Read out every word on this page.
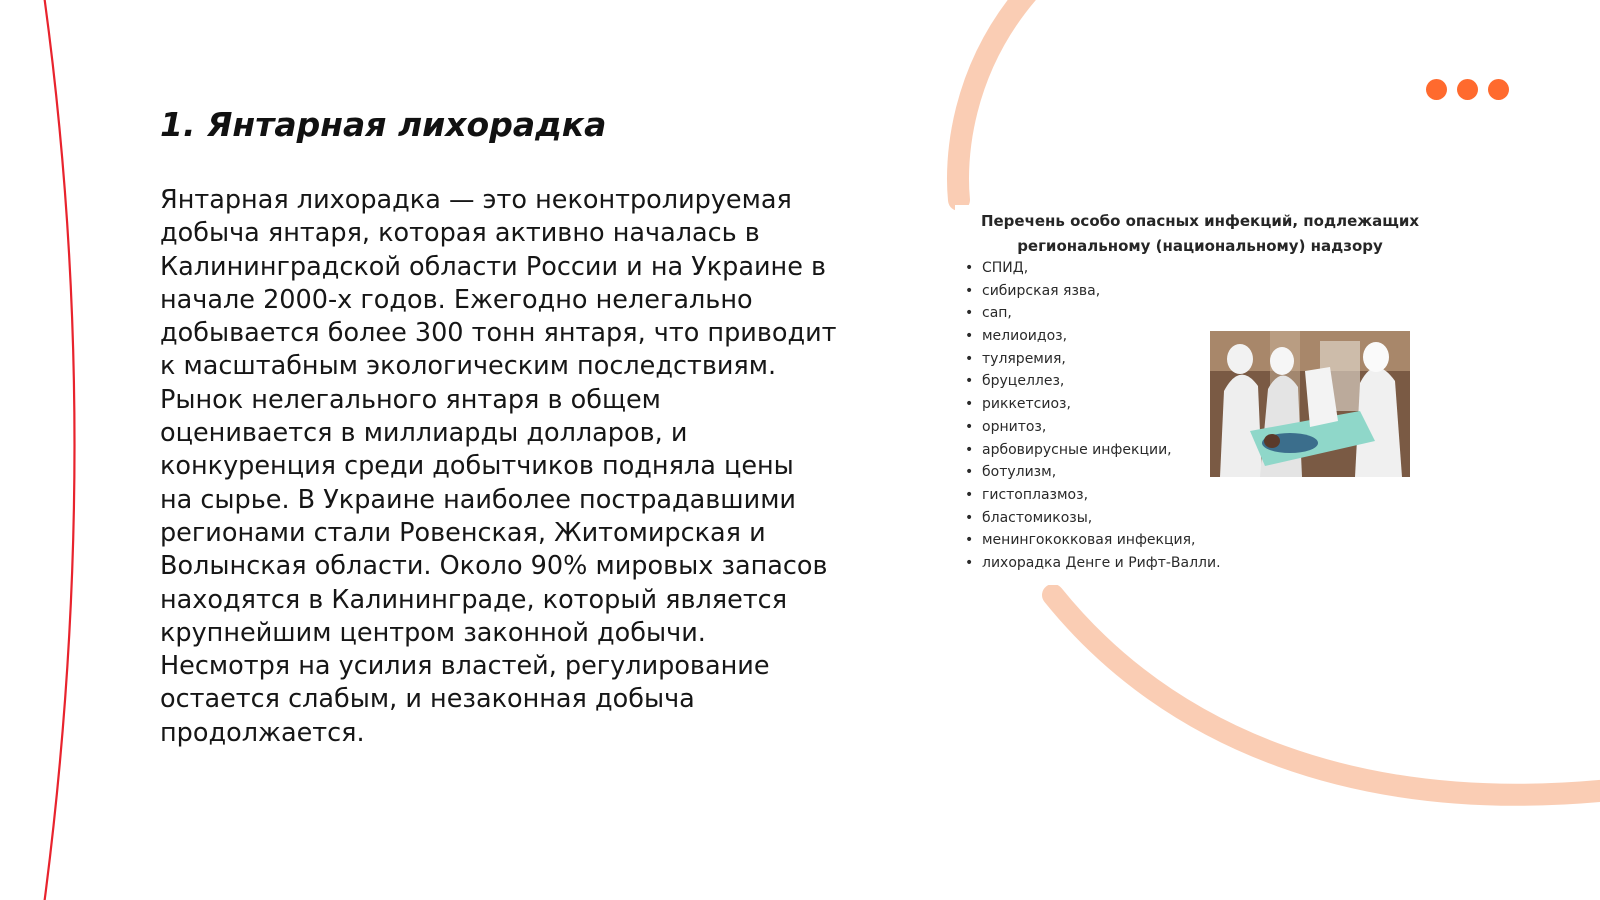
1. Янтарная лихорадка
Янтарная лихорадка — это неконтролируемая
добыча янтаря, которая активно началась в
Калининградской области России и на Украине в
начале 2000-х годов. Ежегодно нелегально
добывается более 300 тонн янтаря, что приводит
к масштабным экологическим последствиям.
Рынок нелегального янтаря в общем
оценивается в миллиарды долларов, и
конкуренция среди добытчиков подняла цены
на сырье. В Украине наиболее пострадавшими
регионами стали Ровенская, Житомирская и
Волынская области. Около 90% мировых запасов
находятся в Калининграде, который является
крупнейшим центром законной добычи.
Несмотря на усилия властей, регулирование
остается слабым, и незаконная добыча
продолжается.
Перечень особо опасных инфекций, подлежащих
региональному (национальному) надзору
• СПИД,
• сибирская язва,
• сап,
• мелиоидоз,
• туляремия,
• бруцеллез,
• риккетсиоз,
• орнитоз,
• арбовирусные инфекции,
• ботулизм,
• гистоплазмоз,
• бластомикозы,
• менингококковая инфекция,
• лихорадка Денге и Рифт-Валли.
